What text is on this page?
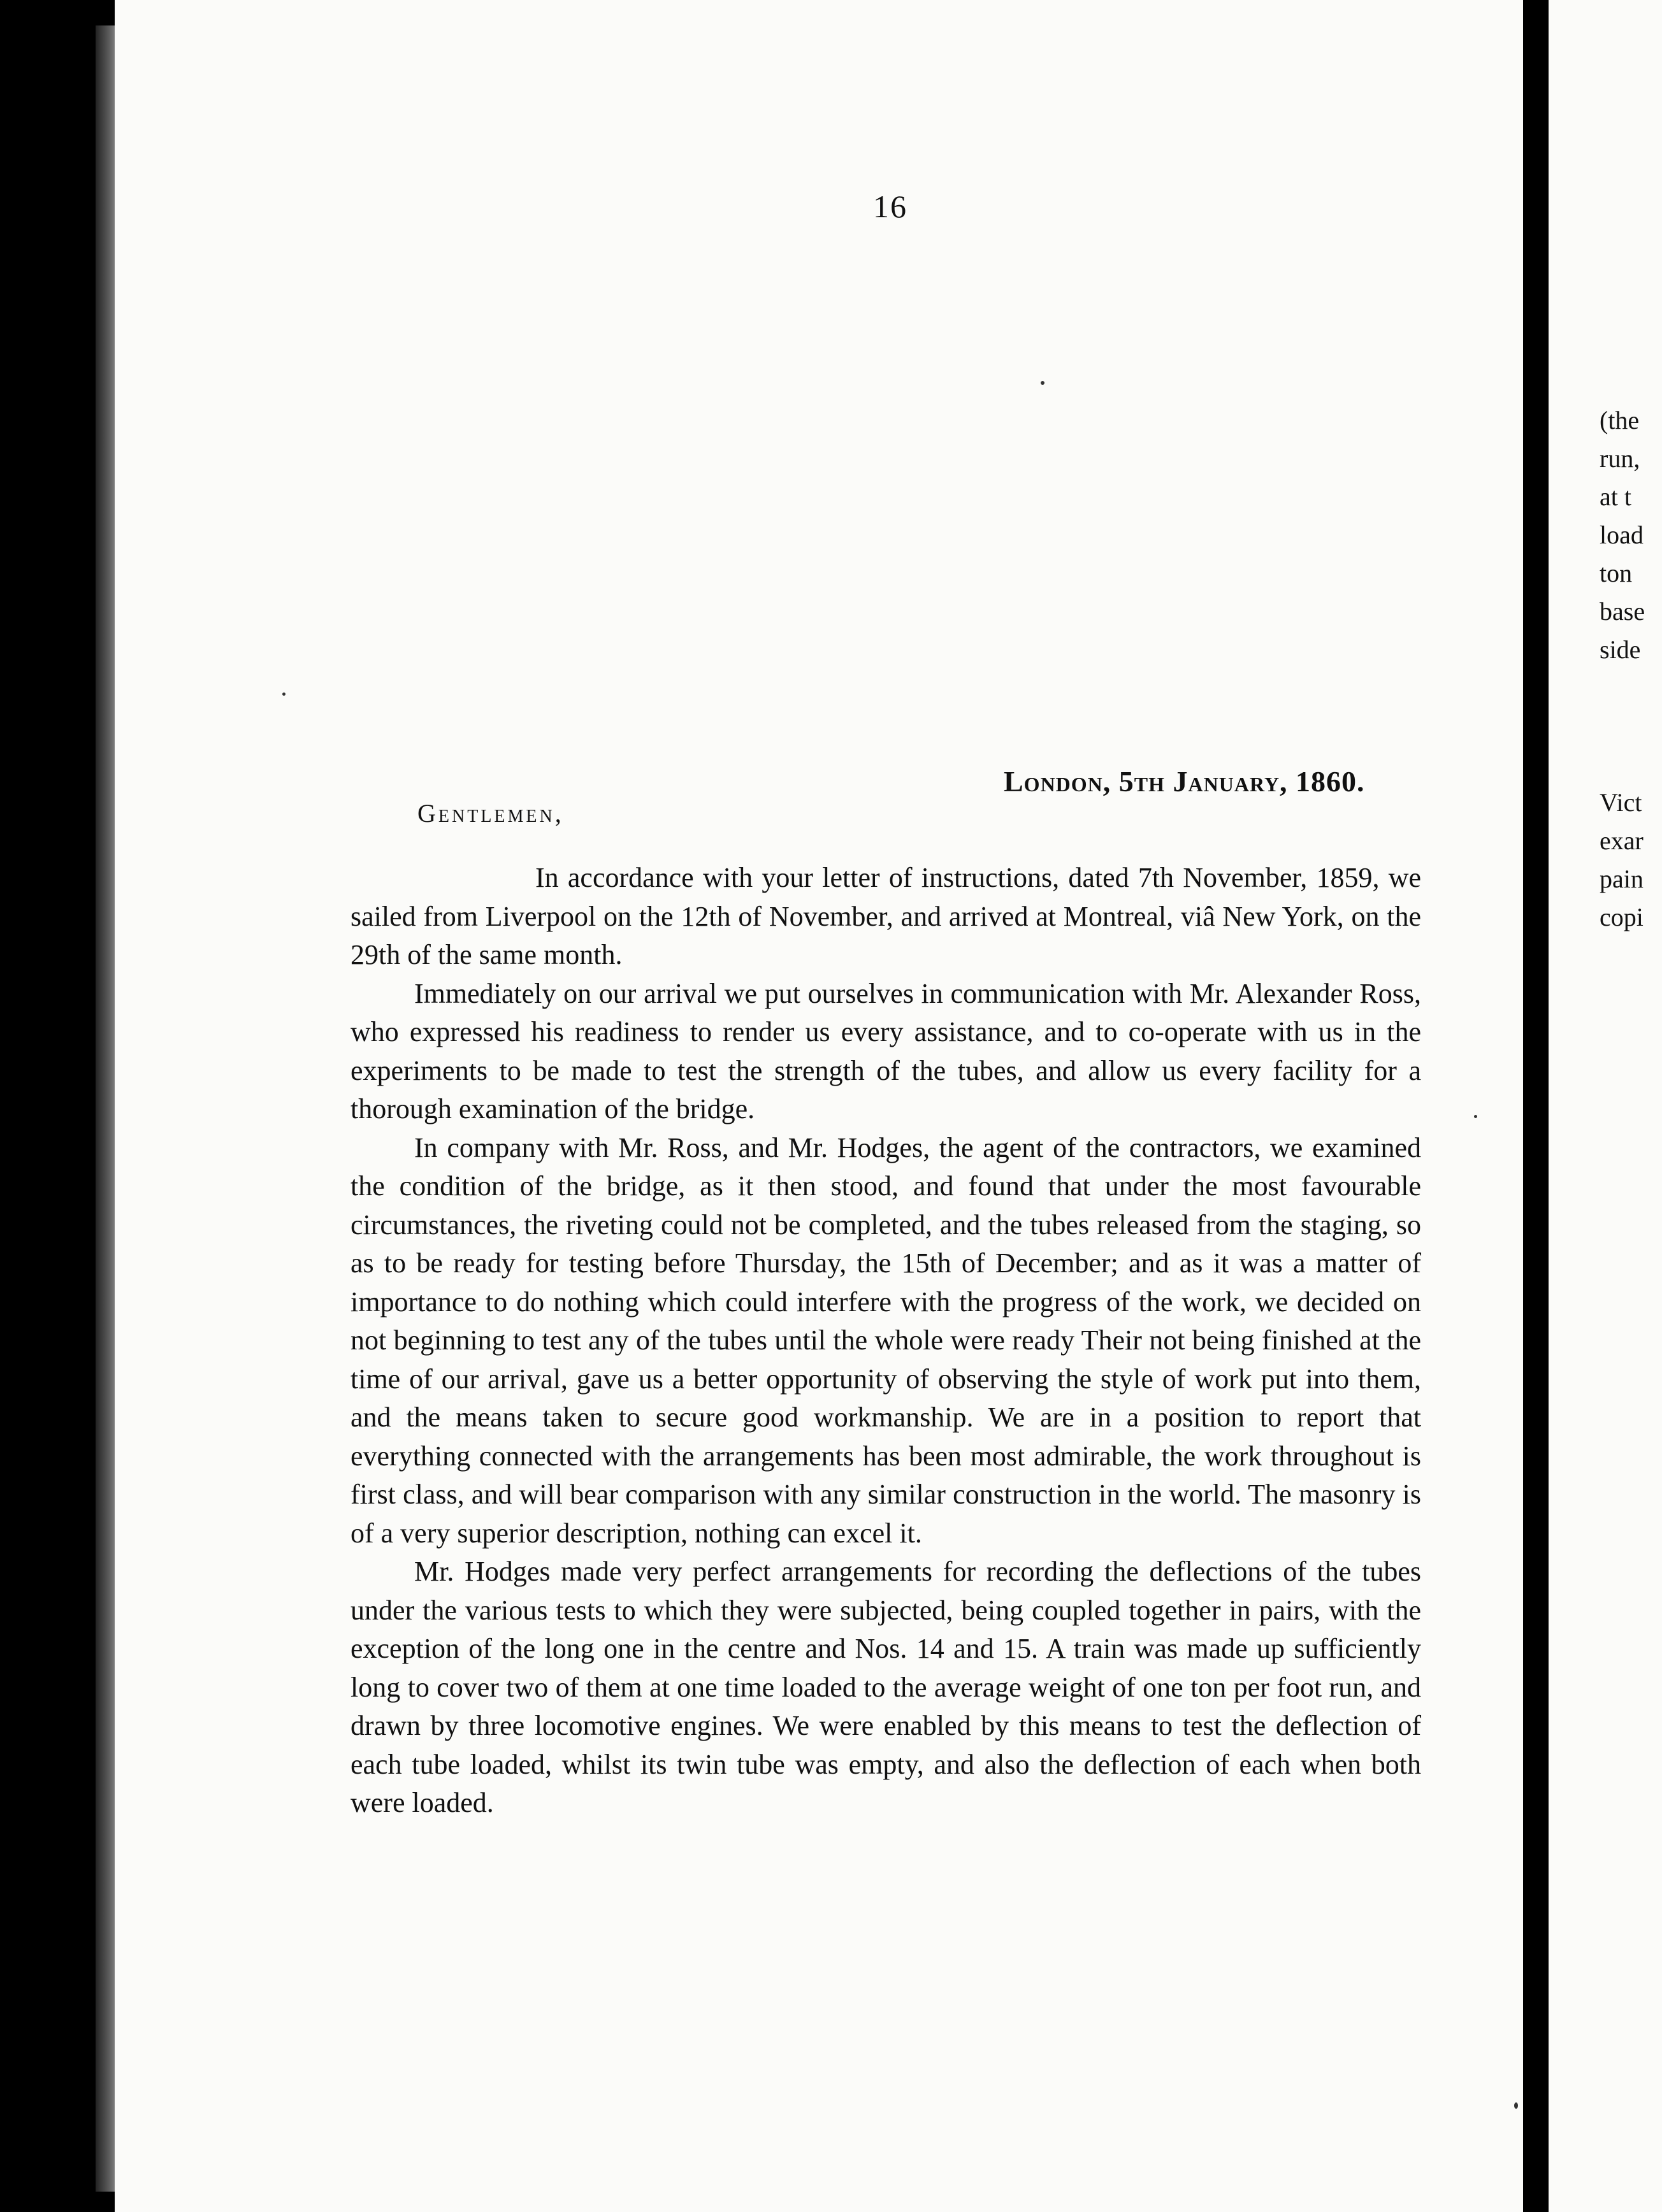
16
London, 5th January, 1860.
Gentlemen,

In accordance with your letter of instructions, dated 7th November, 1859, we sailed from Liverpool on the 12th of November, and arrived at Montreal, viâ New York, on the 29th of the same month.

Immediately on our arrival we put ourselves in communication with Mr. Alexander Ross, who expressed his readiness to render us every assistance, and to co-operate with us in the experiments to be made to test the strength of the tubes, and allow us every facility for a thorough examination of the bridge.

In company with Mr. Ross, and Mr. Hodges, the agent of the contractors, we examined the condition of the bridge, as it then stood, and found that under the most favourable circumstances, the riveting could not be completed, and the tubes released from the staging, so as to be ready for testing before Thursday, the 15th of December; and as it was a matter of importance to do nothing which could interfere with the progress of the work, we decided on not beginning to test any of the tubes until the whole were ready Their not being finished at the time of our arrival, gave us a better opportunity of observing the style of work put into them, and the means taken to secure good workmanship. We are in a position to report that everything connected with the arrangements has been most admirable, the work throughout is first class, and will bear comparison with any similar construction in the world. The masonry is of a very superior description, nothing can excel it.

Mr. Hodges made very perfect arrangements for recording the deflections of the tubes under the various tests to which they were subjected, being coupled together in pairs, with the exception of the long one in the centre and Nos. 14 and 15. A train was made up sufficiently long to cover two of them at one time loaded to the average weight of one ton per foot run, and drawn by three locomotive engines. We were enabled by this means to test the deflection of each tube loaded, whilst its twin tube was empty, and also the deflection of each when both were loaded.

(the
run,
at t
load
ton
base
side

Vict
exar
pain
copi
